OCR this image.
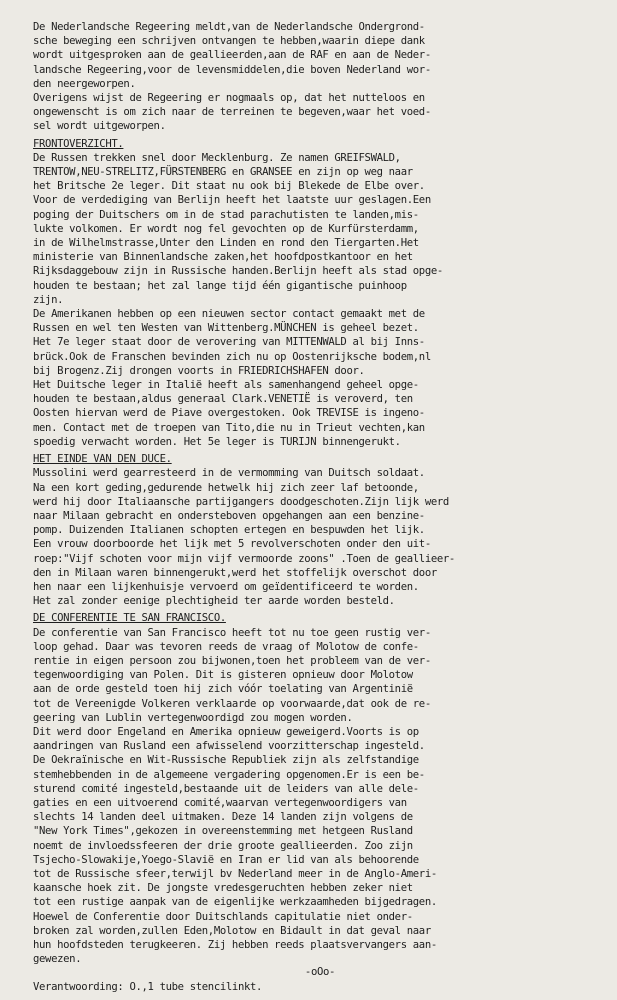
De Nederlandsche Regeering meldt,van de Nederlandsche Ondergrond-
sche beweging een schrijven ontvangen te hebben,waarin diepe dank
wordt uitgesproken aan de geallieerden,aan de RAF en aan de Neder-
landsche Regeering,voor de levensmiddelen,die boven Nederland wor-
den neergeworpen.
Overigens wijst de Regeering er nogmaals op, dat het nutteloos en
ongewenscht is om zich naar de terreinen te begeven,waar het voed-
sel wordt uitgeworpen.
FRONTOVERZICHT.
De Russen trekken snel door Mecklenburg. Ze namen GREIFSWALD,
TRENTOW,NEU-STRELITZ,FÜRSTENBERG en GRANSEE en zijn op weg naar
het Britsche 2e leger. Dit staat nu ook bij Blekede de Elbe over.
Voor de verdediging van Berlijn heeft het laatste uur geslagen.Een
poging der Duitschers om in de stad parachutisten te landen,mis-
lukte volkomen. Er wordt nog fel gevochten op de Kurfürsterdamm,
in de Wilhelmstrasse,Unter den Linden en rond den Tiergarten.Het
ministerie van Binnenlandsche zaken,het hoofdpostkantoor en het
Rijksdaggebouw zijn in Russische handen.Berlijn heeft als stad opge-
houden te bestaan; het zal lange tijd één gigantische puinhoop
zijn.
De Amerikanen hebben op een nieuwen sector contact gemaakt met de
Russen en wel ten Westen van Wittenberg.MÜNCHEN is geheel bezet.
Het 7e leger staat door de verovering van MITTENWALD al bij Inns-
brück.Ook de Franschen bevinden zich nu op Oostenrijksche bodem,nl
bij Brogenz.Zij drongen voorts in FRIEDRICHSHAFEN door.
Het Duitsche leger in Italië heeft als samenhangend geheel opge-
houden te bestaan,aldus generaal Clark.VENETIË is veroverd, ten
Oosten hiervan werd de Piave overgestoken. Ook TREVISE is ingeno-
men. Contact met de troepen van Tito,die nu in Trieut vechten,kan
spoedig verwacht worden. Het 5e leger is TURIJN binnengerukt.
HET EINDE VAN DEN DUCE.
Mussolini werd gearresteerd in de vermomming van Duitsch soldaat.
Na een kort geding,gedurende hetwelk hij zich zeer laf betoonde,
werd hij door Italiaansche partijgangers doodgeschoten.Zijn lijk werd
naar Milaan gebracht en ondersteboven opgehangen aan een benzine-
pomp. Duizenden Italianen schopten ertegen en bespuwden het lijk.
Een vrouw doorboorde het lijk met 5 revolverschoten onder den uit-
roep:"Vijf schoten voor mijn vijf vermoorde zoons" .Toen de geallieer-
den in Milaan waren binnengerukt,werd het stoffelijk overschot door
hen naar een lijkenhuisje vervoerd om geïdentificeerd te worden.
Het zal zonder eenige plechtigheid ter aarde worden besteld.
DE CONFERENTIE TE SAN FRANCISCO.
De conferentie van San Francisco heeft tot nu toe geen rustig ver-
loop gehad. Daar was tevoren reeds de vraag of Molotow de confe-
rentie in eigen persoon zou bijwonen,toen het probleem van de ver-
tegenwoordiging van Polen. Dit is gisteren opnieuw door Molotow
aan de orde gesteld toen hij zich vóór toelating van Argentinië
tot de Vereenigde Volkeren verklaarde op voorwaarde,dat ook de re-
geering van Lublin vertegenwoordigd zou mogen worden.
Dit werd door Engeland en Amerika opnieuw geweigerd.Voorts is op
aandringen van Rusland een afwisselend voorzitterschap ingesteld.
De Oekraïnische en Wit-Russische Republiek zijn als zelfstandige
stemhebbenden in de algemeene vergadering opgenomen.Er is een be-
sturend comité ingesteld,bestaande uit de leiders van alle dele-
gaties en een uitvoerend comité,waarvan vertegenwoordigers van
slechts 14 landen deel uitmaken. Deze 14 landen zijn volgens de
"New York Times",gekozen in overeenstemming met hetgeen Rusland
noemt de invloedssfeeren der drie groote geallieerden. Zoo zijn
Tsjecho-Slowakije,Yoego-Slavië en Iran er lid van als behoorende
tot de Russische sfeer,terwijl bv Nederland meer in de Anglo-Ameri-
kaansche hoek zit. De jongste vredesgeruchten hebben zeker niet
tot een rustige aanpak van de eigenlijke werkzaamheden bijgedragen.
Hoewel de Conferentie door Duitschlands capitulatie niet onder-
broken zal worden,zullen Eden,Molotow en Bidault in dat geval naar
hun hoofdsteden terugkeeren. Zij hebben reeds plaatsvervangers aan-
gewezen.
-oOo-
Verantwoording: O.,1 tube stencilinkt.
